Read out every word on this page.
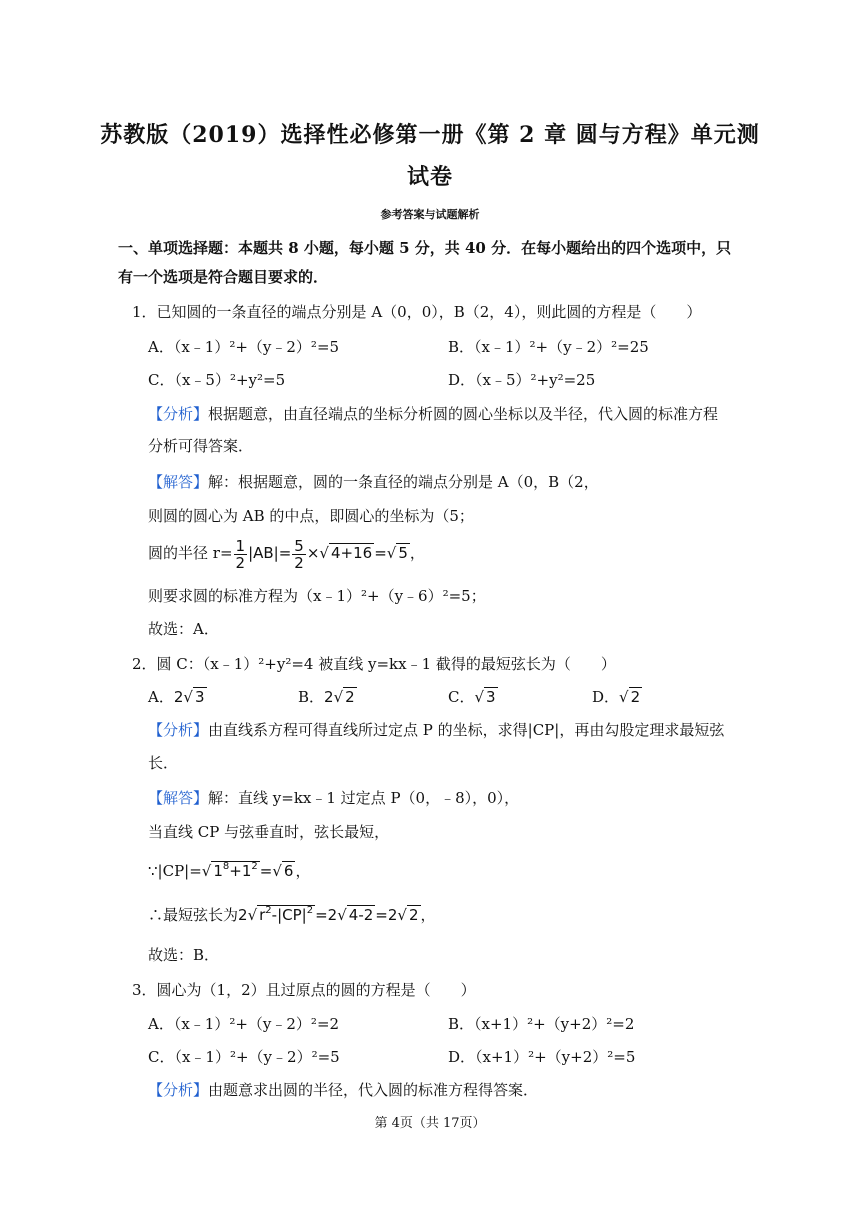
苏教版（2019）选择性必修第一册《第 2 章 圆与方程》单元测
试卷
参考答案与试题解析
一、单项选择题：本题共 8 小题，每小题 5 分，共 40 分．在每小题给出的四个选项中，只
有一个选项是符合题目要求的．
1．已知圆的一条直径的端点分别是 A（0，0），B（2，4），则此圆的方程是（　　）
A．（x﹣1）²+（y﹣2）²=5	B．（x﹣1）²+（y﹣2）²=25
C．（x﹣5）²+y²=5	D．（x﹣5）²+y²=25
【分析】根据题意，由直径端点的坐标分析圆的圆心坐标以及半径，代入圆的标准方程
分析可得答案．
【解答】解：根据题意，圆的一条直径的端点分别是 A（0，B（2，
则圆的圆心为 AB 的中点，即圆心的坐标为（5；
圆的半径 $r= \frac{1}{2} |AB|= \frac{5}{2}$ ×√ 4+16 =√ 5 ，
则要求圆的标准方程为（x﹣1）²+（y﹣6）²=5；
故选：A．
2．圆 C：（x﹣1）²+y²=4 被直线 y=kx﹣1 截得的最短弦长为（　　）
A．2√ 3	B．2√ 2	C．√ 3	D．√ 2
【分析】由直线系方程可得直线所过定点 P 的坐标，求得|CP|，再由勾股定理求最短弦
长．
【解答】解：直线 y=kx﹣1 过定点 P（0，﹣8），0），
当直线 CP 与弦垂直时，弦长最短，
∵|CP|=√ $1^8+1^2$ =√ 6 ，
∴最短弦长为2√ $r^2-|CP|^2 =2√$ 4-2 =2√ 2 ，
故选：B．
3．圆心为（1，2）且过原点的圆的方程是（　　）
A．（x﹣1）²+（y﹣2）²=2	B．（x+1）²+（y+2）²=2
C．（x﹣1）²+（y﹣2）²=5	D．（x+1）²+（y+2）²=5
【分析】由题意求出圆的半径，代入圆的标准方程得答案．
第 4页（共 17页）
